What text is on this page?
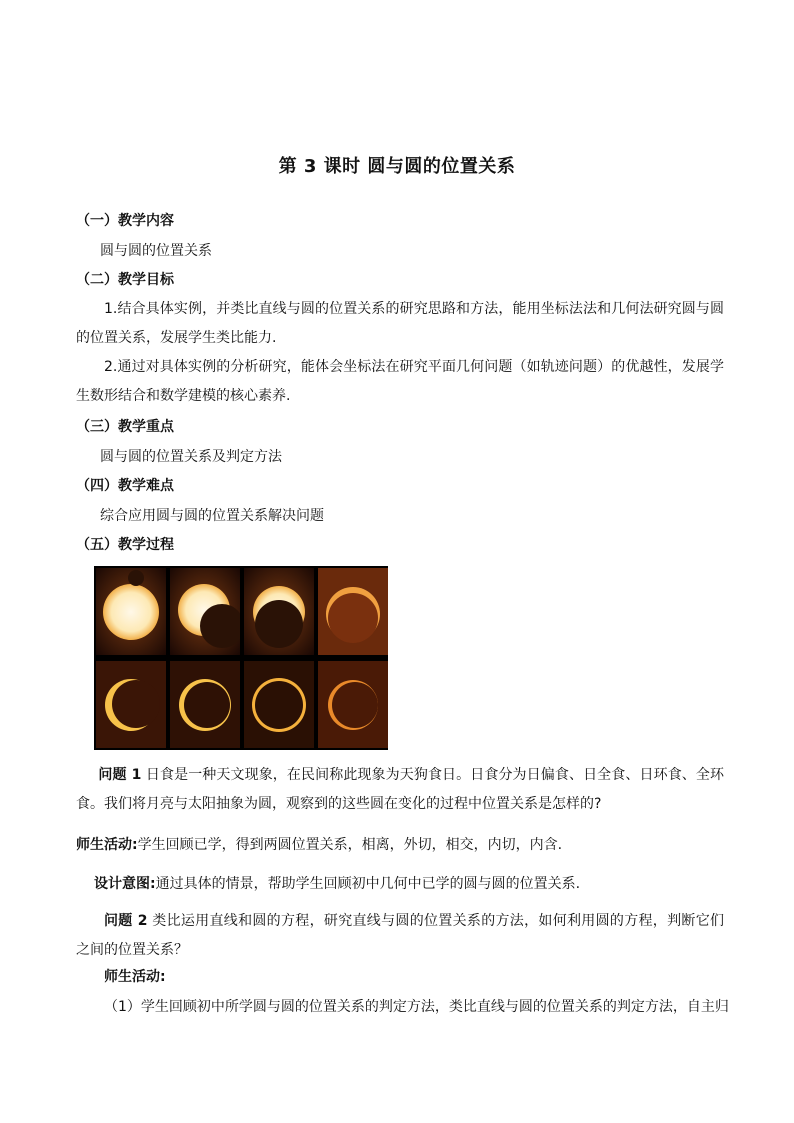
第 3 课时 圆与圆的位置关系
（一）教学内容
圆与圆的位置关系
（二）教学目标
1.结合具体实例，并类比直线与圆的位置关系的研究思路和方法，能用坐标法法和几何法研究圆与圆的位置关系，发展学生类比能力.
2.通过对具体实例的分析研究，能体会坐标法在研究平面几何问题（如轨迹问题）的优越性，发展学生数形结合和数学建模的核心素养.
（三）教学重点
圆与圆的位置关系及判定方法
（四）教学难点
综合应用圆与圆的位置关系解决问题
（五）教学过程
问题 1 日食是一种天文现象，在民间称此现象为天狗食日。日食分为日偏食、日全食、日环食、全环食。我们将月亮与太阳抽象为圆，观察到的这些圆在变化的过程中位置关系是怎样的?
师生活动:学生回顾已学，得到两圆位置关系，相离，外切，相交，内切，内含.
设计意图:通过具体的情景，帮助学生回顾初中几何中已学的圆与圆的位置关系.
问题 2 类比运用直线和圆的方程，研究直线与圆的位置关系的方法，如何利用圆的方程，判断它们之间的位置关系？
师生活动:
（1）学生回顾初中所学圆与圆的位置关系的判定方法，类比直线与圆的位置关系的判定方法，自主归
